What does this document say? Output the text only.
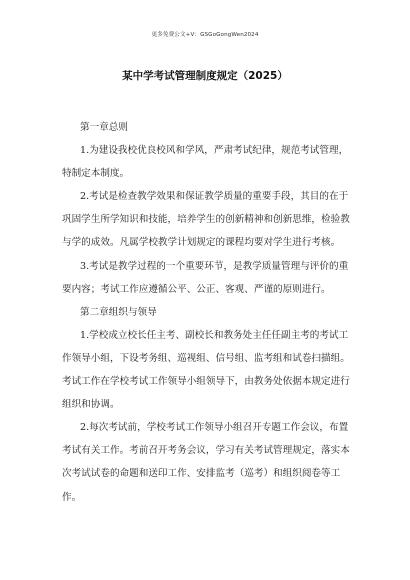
更多免费公文+V：GSGoGongWen2024
某中学考试管理制度规定（2025）

第一章总则

1.为建设我校优良校风和学风，严肃考试纪律，规范考试管理，特制定本制度。

2.考试是检查教学效果和保证教学质量的重要手段，其目的在于巩固学生所学知识和技能，培养学生的创新精神和创新思维，检验教与学的成效。凡属学校教学计划规定的课程均要对学生进行考核。

3.考试是教学过程的一个重要环节，是教学质量管理与评价的重要内容；考试工作应遵循公平、公正、客观、严谨的原则进行。

第二章组织与领导

1.学校成立校长任主考、副校长和教务处主任任副主考的考试工作领导小组，下设考务组、巡视组、信号组、监考组和试卷扫描组。考试工作在学校考试工作领导小组领导下，由教务处依据本规定进行组织和协调。

2.每次考试前，学校考试工作领导小组召开专题工作会议，布置考试有关工作。考前召开考务会议，学习有关考试管理规定，落实本次考试试卷的命题和送印工作、安排监考（巡考）和组织阅卷等工作。
